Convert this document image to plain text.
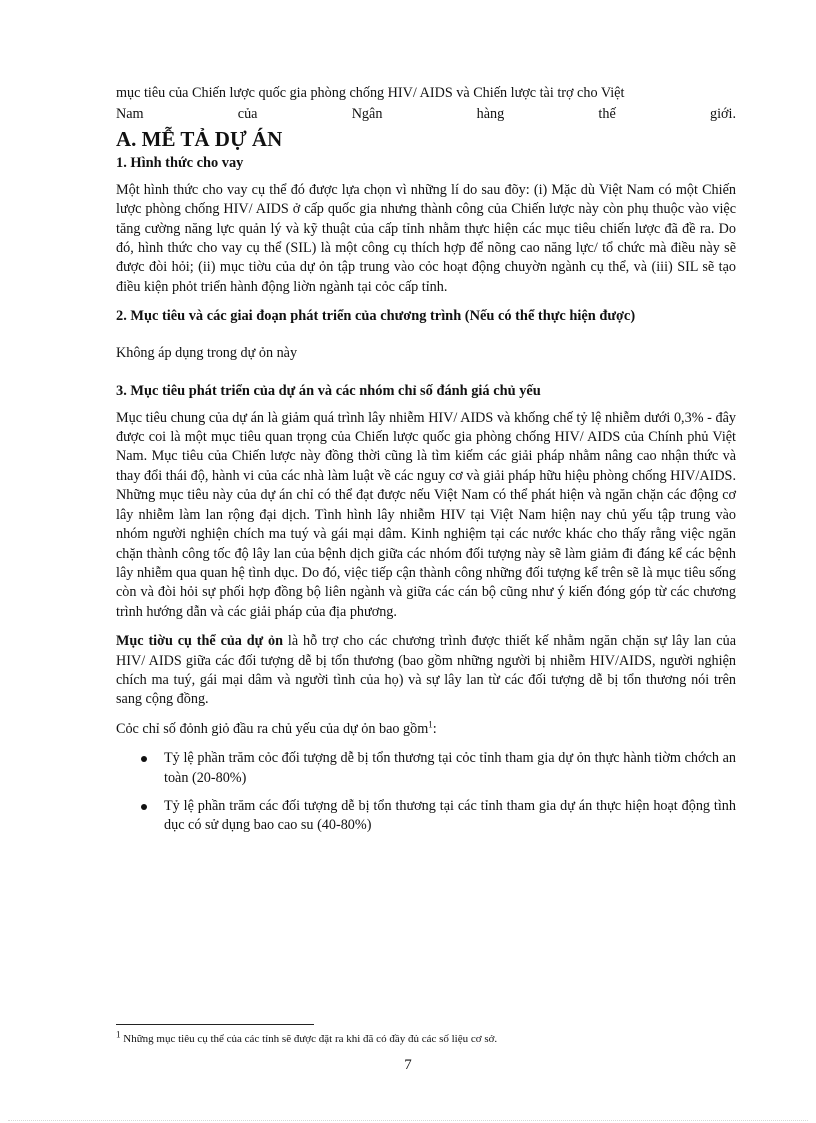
mục tiêu của Chiến lược quốc gia phòng chống HIV/ AIDS và Chiến lược tài trợ cho Việt

Nam của Ngân hàng thế giới.

A. MỄ TẢ DỰ ÁN
1. Hình thức cho vay

Một hình thức cho vay cụ thể đó được lựa chọn vì những lí do sau đõy: (i) Mặc dù Việt Nam có một Chiến lược phòng chống HIV/ AIDS ở cấp quốc gia nhưng thành công của Chiến lược này còn phụ thuộc vào việc tăng cường năng lực quản lý và kỹ thuật của cấp tỉnh nhằm thực hiện các mục tiêu chiến lược đã đề ra. Do đó, hình thức cho vay cụ thể (SIL) là một công cụ thích hợp để nõng cao năng lực/ tổ chức mà điều này sẽ được đòi hỏi; (ii) mục tiờu của dự ỏn tập trung vào cỏc hoạt động chuyờn ngành cụ thể, và (iii) SIL sẽ tạo điều kiện phỏt triển hành động liờn ngành tại cỏc cấp tỉnh.

2. Mục tiêu và các giai đoạn phát triển của chương trình (Nếu có thể thực hiện được)

Không áp dụng trong dự ỏn này

3. Mục tiêu phát triển của dự án và các nhóm chỉ số đánh giá chủ yếu

Mục tiêu chung của dự án là giảm quá trình lây nhiễm HIV/ AIDS và khống chế tỷ lệ nhiễm dưới 0,3% - đây được coi là một mục tiêu quan trọng của Chiến lược quốc gia phòng chống HIV/ AIDS của Chính phủ Việt Nam. Mục tiêu của Chiến lược này đồng thời cũng là tìm kiếm các giải pháp nhằm nâng cao nhận thức và thay đổi thái độ, hành vi của các nhà làm luật về các nguy cơ và giải pháp hữu hiệu phòng chống HIV/AIDS. Những mục tiêu này của dự án chỉ có thể đạt được nếu Việt Nam có thể phát hiện và ngăn chặn các động cơ lây nhiễm làm lan rộng đại dịch. Tình hình lây nhiễm HIV tại Việt Nam hiện nay chủ yếu tập trung vào nhóm người nghiện chích ma tuý và gái mại dâm. Kinh nghiệm tại các nước khác cho thấy rằng việc ngăn chặn thành công tốc độ lây lan của bệnh dịch giữa các nhóm đối tượng này sẽ làm giảm đi đáng kể các bệnh lây nhiễm qua quan hệ tình dục. Do đó, việc tiếp cận thành công những đối tượng kể trên sẽ là mục tiêu sống còn và đòi hỏi sự phối hợp đồng bộ liên ngành và giữa các cán bộ cũng như ý kiến đóng góp từ các chương trình hướng dẫn và các giải pháp của địa phương.

Mục tiờu cụ thể của dự ỏn là hỗ trợ cho các chương trình được thiết kế nhằm ngăn chặn sự lây lan của HIV/ AIDS giữa các đối tượng dễ bị tổn thương (bao gồm những người bị nhiễm HIV/AIDS, người nghiện chích ma tuý, gái mại dâm và người tình của họ) và sự lây lan từ các đối tượng dễ bị tổn thương nói trên sang cộng đồng.

Cỏc chỉ số đỏnh giỏ đầu ra chủ yếu của dự ỏn bao gồm$^1$:

Tỷ lệ phần trăm cỏc đối tượng dễ bị tổn thương tại cỏc tỉnh tham gia dự ỏn thực hành tiờm chớch an toàn (20-80%)
Tỷ lệ phần trăm các đối tượng dễ bị tổn thương tại các tỉnh tham gia dự án thực hiện hoạt động tình dục có sử dụng bao cao su (40-80%)
$^1$ Những mục tiêu cụ thể của các tỉnh sẽ được đặt ra khi đã có đầy đủ các số liệu cơ sở.
7
